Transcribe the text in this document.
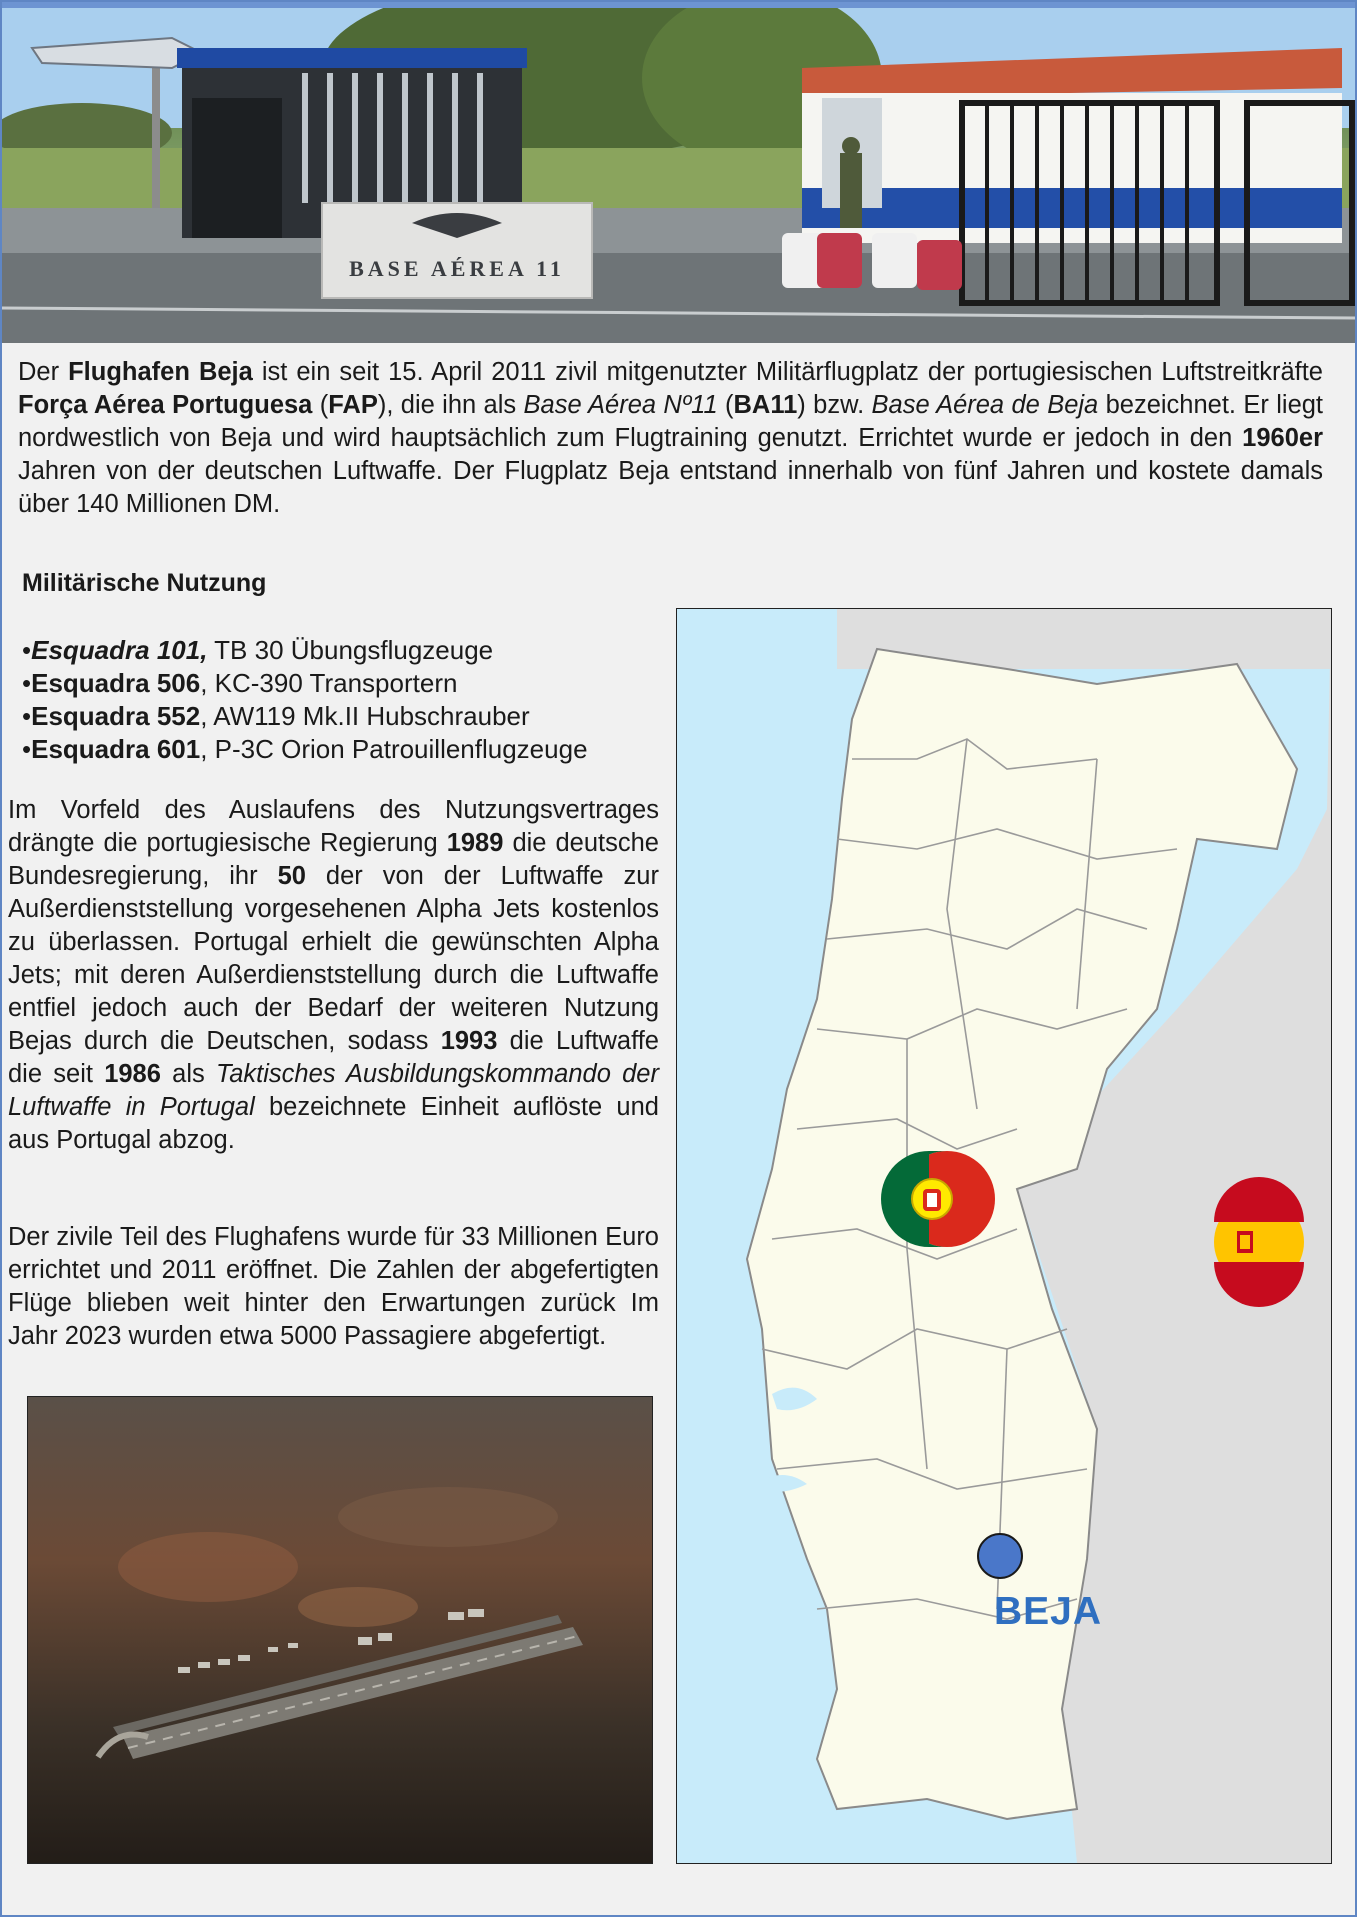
BASE AÉREA 11

Der Flughafen Beja ist ein seit 15. April 2011 zivil mitgenutzter Militärflugplatz der portugiesischen Luftstreitkräfte Força Aérea Portuguesa (FAP), die ihn als Base Aérea Nº11 (BA11) bzw. Base Aérea de Beja bezeichnet. Er liegt nordwestlich von Beja und wird hauptsächlich zum Flugtraining genutzt. Errichtet wurde er jedoch in den 1960er Jahren von der deutschen Luftwaffe. Der Flugplatz Beja entstand innerhalb von fünf Jahren und kostete damals über 140 Millionen DM.

Militärische Nutzung
•Esquadra 101, TB 30 Übungsflugzeuge
•Esquadra 506, KC-390 Transportern
•Esquadra 552, AW119 Mk.II Hubschrauber
•Esquadra 601, P-3C Orion Patrouillenflugzeuge

Im Vorfeld des Auslaufens des Nutzungsvertrages drängte die portugiesische Regierung 1989 die deutsche Bundesregierung, ihr 50 der von der Luftwaffe zur Außerdienststellung vorgesehenen Alpha Jets kostenlos zu überlassen. Portugal erhielt die gewünschten Alpha Jets; mit deren Außerdienststellung durch die Luftwaffe entfiel jedoch auch der Bedarf der weiteren Nutzung Bejas durch die Deutschen, sodass 1993 die Luftwaffe die seit 1986 als Taktisches Ausbildungskommando der Luftwaffe in Portugal bezeichnete Einheit auflöste und aus Portugal abzog.

Der zivile Teil des Flughafens wurde für 33 Millionen Euro errichtet und 2011 eröffnet. Die Zahlen der abgefertigten Flüge blieben weit hinter den Erwartungen zurück Im Jahr 2023 wurden etwa 5000 Passagiere abgefertigt.

BEJA
